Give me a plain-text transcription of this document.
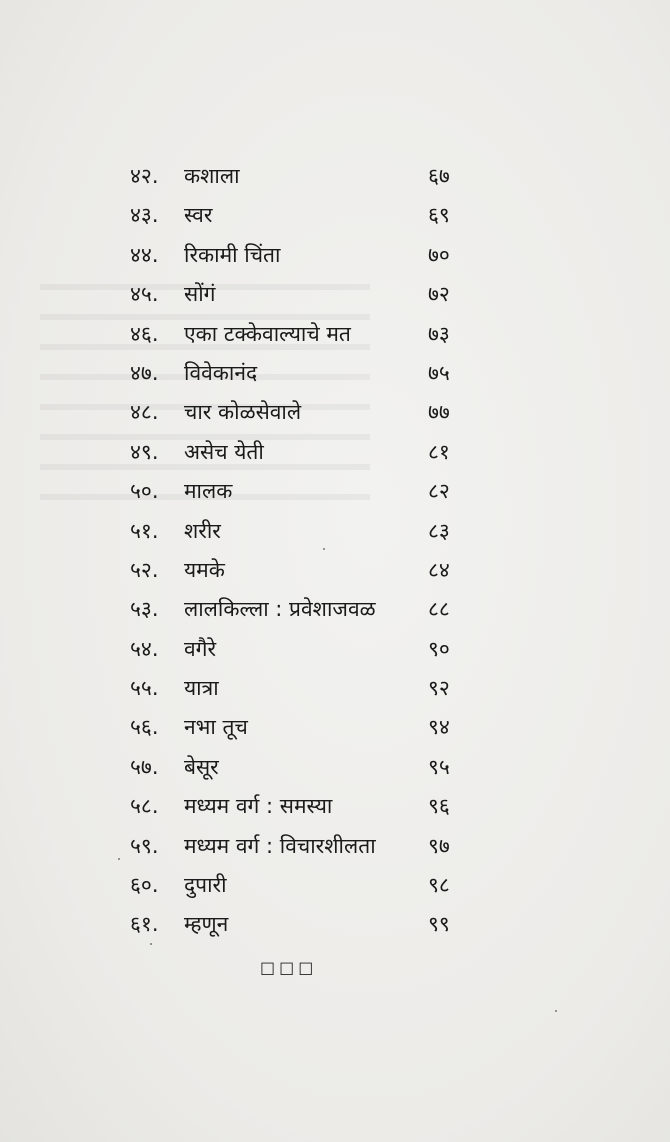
४२. कशाला	६७
४३. स्वर	६९
४४. रिकामी चिंता	७०
४५. सोंगं	७२
४६. एका टक्केवाल्याचे मत	७३
४७. विवेकानंद	७५
४८. चार कोळसेवाले	७७
४९. असेच येती	८१
५०. मालक	८२
५१. शरीर	८३
५२. यमके	८४
५३. लालकिल्ला : प्रवेशाजवळ ८८
५४. वगैरे	९०
५५. यात्रा	९२
५६. नभा तूच	९४
५७. बेसूर	९५
५८. मध्यम वर्ग : समस्या	९६
५९. मध्यम वर्ग : विचारशीलता ९७
६०. दुपारी	९८
६१. म्हणून	९९
□□□
